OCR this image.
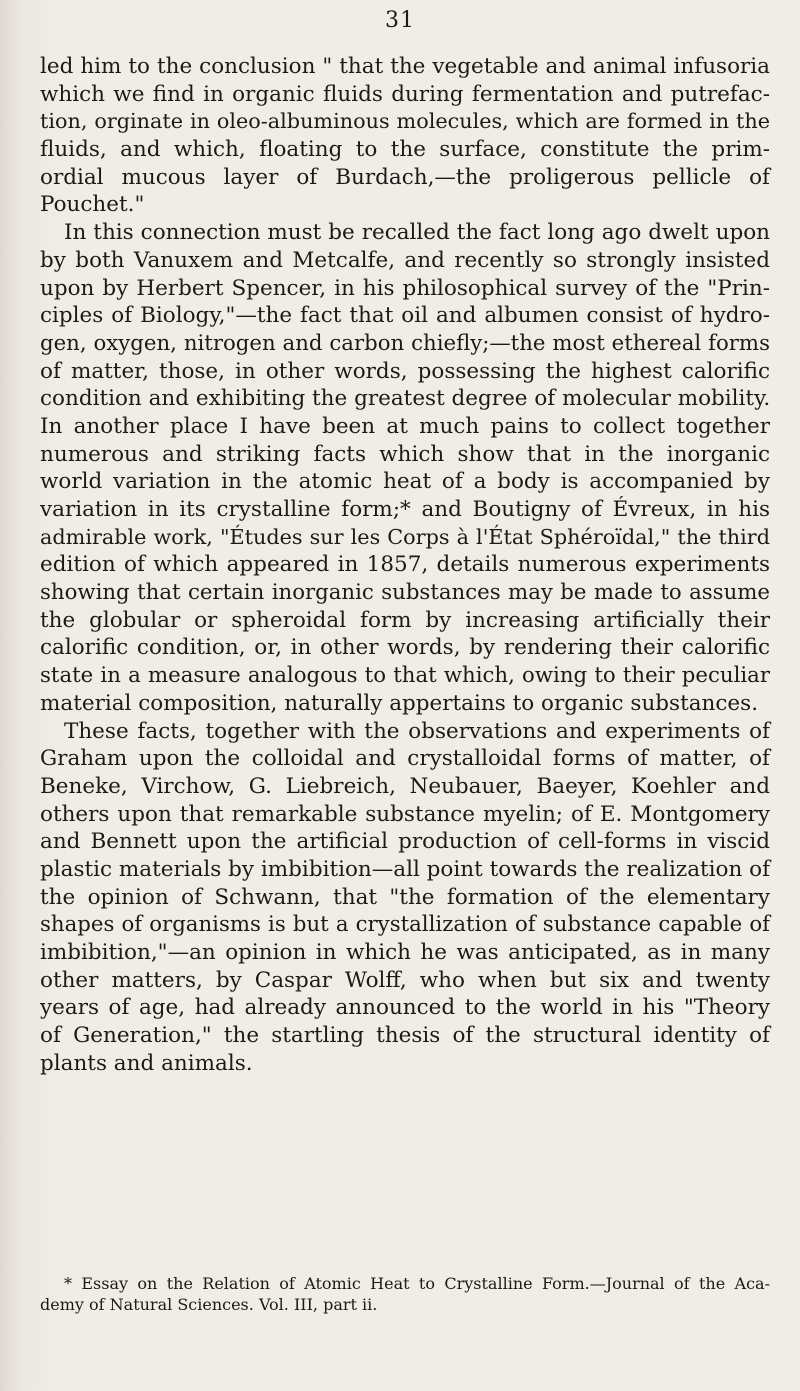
31
led him to the conclusion " that the vegetable and animal infusoria
which we find in organic fluids during fermentation and putrefac-
tion, orginate in oleo-albuminous molecules, which are formed in the
fluids, and which, floating to the surface, constitute the prim-
ordial mucous layer of Burdach,—the proligerous pellicle of
Pouchet."
In this connection must be recalled the fact long ago dwelt upon
by both Vanuxem and Metcalfe, and recently so strongly insisted
upon by Herbert Spencer, in his philosophical survey of the "Prin-
ciples of Biology,"—the fact that oil and albumen consist of hydro-
gen, oxygen, nitrogen and carbon chiefly;—the most ethereal forms
of matter, those, in other words, possessing the highest calorific
condition and exhibiting the greatest degree of molecular mobility.
In another place I have been at much pains to collect together
numerous and striking facts which show that in the inorganic
world variation in the atomic heat of a body is accompanied by
variation in its crystalline form;* and Boutigny of Évreux, in his
admirable work, "Études sur les Corps à l'État Sphéroïdal," the third
edition of which appeared in 1857, details numerous experiments
showing that certain inorganic substances may be made to assume
the globular or spheroidal form by increasing artificially their
calorific condition, or, in other words, by rendering their calorific
state in a measure analogous to that which, owing to their peculiar
material composition, naturally appertains to organic substances.
These facts, together with the observations and experiments of
Graham upon the colloidal and crystalloidal forms of matter, of
Beneke, Virchow, G. Liebreich, Neubauer, Baeyer, Koehler and
others upon that remarkable substance myelin; of E. Montgomery
and Bennett upon the artificial production of cell-forms in viscid
plastic materials by imbibition—all point towards the realization of
the opinion of Schwann, that "the formation of the elementary
shapes of organisms is but a crystallization of substance capable of
imbibition,"—an opinion in which he was anticipated, as in many
other matters, by Caspar Wolff, who when but six and twenty
years of age, had already announced to the world in his "Theory
of Generation," the startling thesis of the structural identity of
plants and animals.
* Essay on the Relation of Atomic Heat to Crystalline Form.—Journal of the Aca-
demy of Natural Sciences. Vol. III, part ii.
